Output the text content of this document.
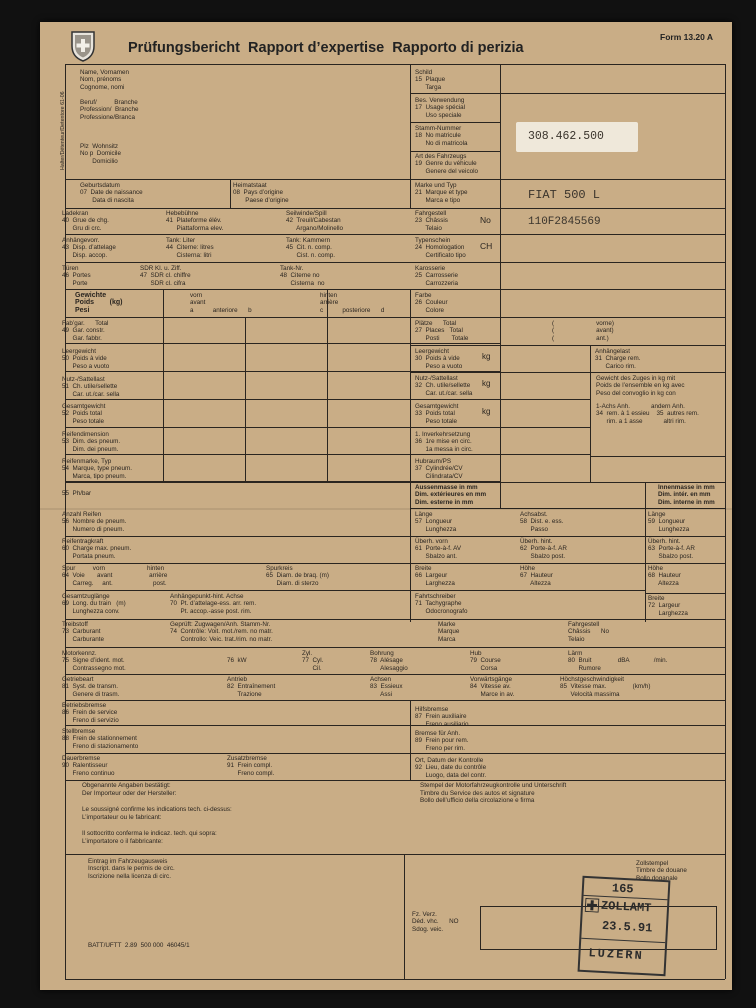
Prüfungsbericht  Rapport d’expertise  Rapporto di perizia
Form 13.20 A
Halter/Détenteur/Detentore 61-06
Name, Vornamen
Nom, prénoms
Cognome, nomi
Beruf/          Branche
Profession/  Branche
Professione/Branca
Plz  Wohnsitz
No p  Domicile
Domicilio
Geburtsdatum
07  Date de naissance
Data di nascita
Heimatstaat
08  Pays d’origine
Paese d’origine
Schild
15  Plaque
Targa
Bes. Verwendung
17  Usage spécial
Uso speciale
Stamm-Nummer
18  No matricule
No di matricola
Art des Fahrzeugs
19  Genre du véhicule
Genere del veicolo
Marke und Typ
21  Marque et type
Marca e tipo
308.462.500
FIAT 500 L
Ladekran
40  Grue de chg.
Gru di crc.
Hebebühne
41  Plateforme élév.
Piattaforma elev.
Seilwinde/Spill
42  Treuil/Cabestan
Argano/Molinello
Anhängevorr.
43  Disp. d’attelage
Disp. accop.
Tank: Liter
44  Citerne: litres
Cisterna: litri
Tank: Kammern
45  Cit. n. comp.
Cist. n. comp.
Türen
46  Portes
Porte
SDR Kl. u. Ziff.
47  SDR cl. chiffre
SDR cl. cifra
Tank-Nr.
48  Citerne no
Cisterna  no
Fahrgestell
23  Châssis
Telaio
No	110F2845569
Typenschein
24  Homologation
Certificato tipo
CH
Karosserie
25  Carrosserie
Carrozzeria
Gewichte
Poids        (kg)
Pesi
vorn
avant
a           anteriore      b
hinten
arrière
c           posteriore      d
Fab’gar.      Total
49  Gar. constr.
Gar. fabbr.
Leergewicht
50  Poids à vide
Peso a vuoto
Nutz-/Sattellast
51  Ch. utile/sellette
Car. ut./car. sella
Gesamtgewicht
52  Poids total
Peso totale
Reifendimension
53  Dim. des pneum.
Dim. dei pneum.
Reifenmarke, Typ
54  Marque, type pneum.
Marca, tipo pneum.
Farbe
26  Couleur
Colore
Plätze      Total
27  Places   Total
Posti       Totale
(                        vorne)
(                        avant)
(                        ant.)
Leergewicht
30  Poids à vide
Peso a vuoto
kg
Nutz-/Sattellast
32  Ch. utile/sellette
Car. ut./car. sella
kg
Gesamtgewicht
33  Poids total
Peso totale
kg
1. Inverkehrsetzung
36  1re mise en circ.
1a messa in circ.
Hubraum/PS
37  Cylindrée/CV
Cilindrata/CV
Anhängelast
31  Charge rem.
Carico rim.
Gewicht des Zuges in kg mit
Poids de l’ensemble en kg avec
Peso del convoglio in kg con
1-Achs Anh.            andern Anh.
34  rem. à 1 essieu    35  autres rem.
rim. a 1 asse            altri rim.
55  Ph/bar
Aussenmasse in mm
Dim. extérieures en mm
Dim. esterne in mm
Innenmasse in mm
Dim. intér. en mm
Dim. interne in mm
Anzahl Reifen
56  Nombre de pneum.
Numero di pneum.
Reifentragkraft
60  Charge max. pneum.
Portata pneum.
Spur          vorn                        hinten
64  Voie       avant                     arrière
Carreg.     ant.                       post.
Spurkreis
65  Diam. de braq. (m)
Diam. di sterzo
Gesamtzuglänge
69  Long. du train   (m)
Lunghezza conv.
Anhängepunkt-hint. Achse
70  Pt. d’attelage-ess. arr. rem.
Pt. accop.-asse post. rim.
Länge
57  Longueur
Lunghezza
Achsabst.
58  Dist. e. ess.
Passo
Überh. vorn
61  Porte-à-f. AV
Sbalzo ant.
Überh. hint.
62  Porte-à-f. AR
Sbalzo post.
Breite
66  Largeur
Larghezza
Höhe
67  Hauteur
Altezza
Fahrtschreiber
71  Tachygraphe
Odocronografo
Länge
59  Longueur
Lunghezza
Überh. hint.
63  Porte-à-f. AR
Sbalzo post.
Höhe
68  Hauteur
Altezza
Breite
72  Largeur
Larghezza
Treibstoff
73  Carburant
Carburante
Geprüft: Zugwagen/Anh. Stamm-Nr.
74  Contrôle: Voit. mot./rem. no matr.
Controllo: Veic. trat./rim. no matr.
Marke
Marque
Marca
Fahrgestell
Châssis      No
Telaio
Motorkennz.
75  Signe d’ident. mot.
Contrassegno mot.
76  kW
Zyl.
77  Cyl.
Cil.
Bohrung
78  Alésage
Alesaggio
Hub
79  Course
Corsa
Lärm
80  Bruit               dBA              /min.
Rumore
Getriebeart
81  Syst. de transm.
Genere di trasm.
Antrieb
82  Entraînement
Trazione
Achsen
83  Essieux
Assi
Vorwärtsgänge
84  Vitesse av.
Marce in av.
Höchstgeschwindigkeit
85  Vitesse max.               (km/h)
Velocità massima
Betriebsbremse
86  Frein de service
Freno di servizio
Hilfsbremse
87  Frein auxiliaire

Stellbremse
88  Frein de stationnement
Freno di stazionamento
Bremse für Anh.
89  Frein pour rem.
Freno per rim.
Dauerbremse
90  Ralentisseur
Freno continuo
Zusatzbremse
91  Frein compl.
Freno compl.
Ort, Datum der Kontrolle
92  Lieu, date du contrôle
Luogo, data del contr.
Obgenannte Angaben bestätigt:
Der Importeur oder der Hersteller:

Le soussigné confirme les indications tech. ci-dessus:
L’importateur ou le fabricant:

Il sottocritto conferma le indicaz. tech. qui sopra:
L’importatore o il fabbricante:
Stempel der Motorfahrzeugkontrolle und Unterschrift
Timbre du Service des autos et signature
Bollo dell’ufficio della circolazione e firma
Eintrag im Fahrzeugausweis
Inscript. dans le permis de circ.
Iscrizione nella licenza di circ.
Fz. Verz.
Déd. vhc.      NO
Sdog. veic.
Zollstempel
Timbre de douane
Bollo doganale
BATT/UFTT  2.89  500 000  46045/1
165
ZOLLAMT
23.5.91
LUZERN
